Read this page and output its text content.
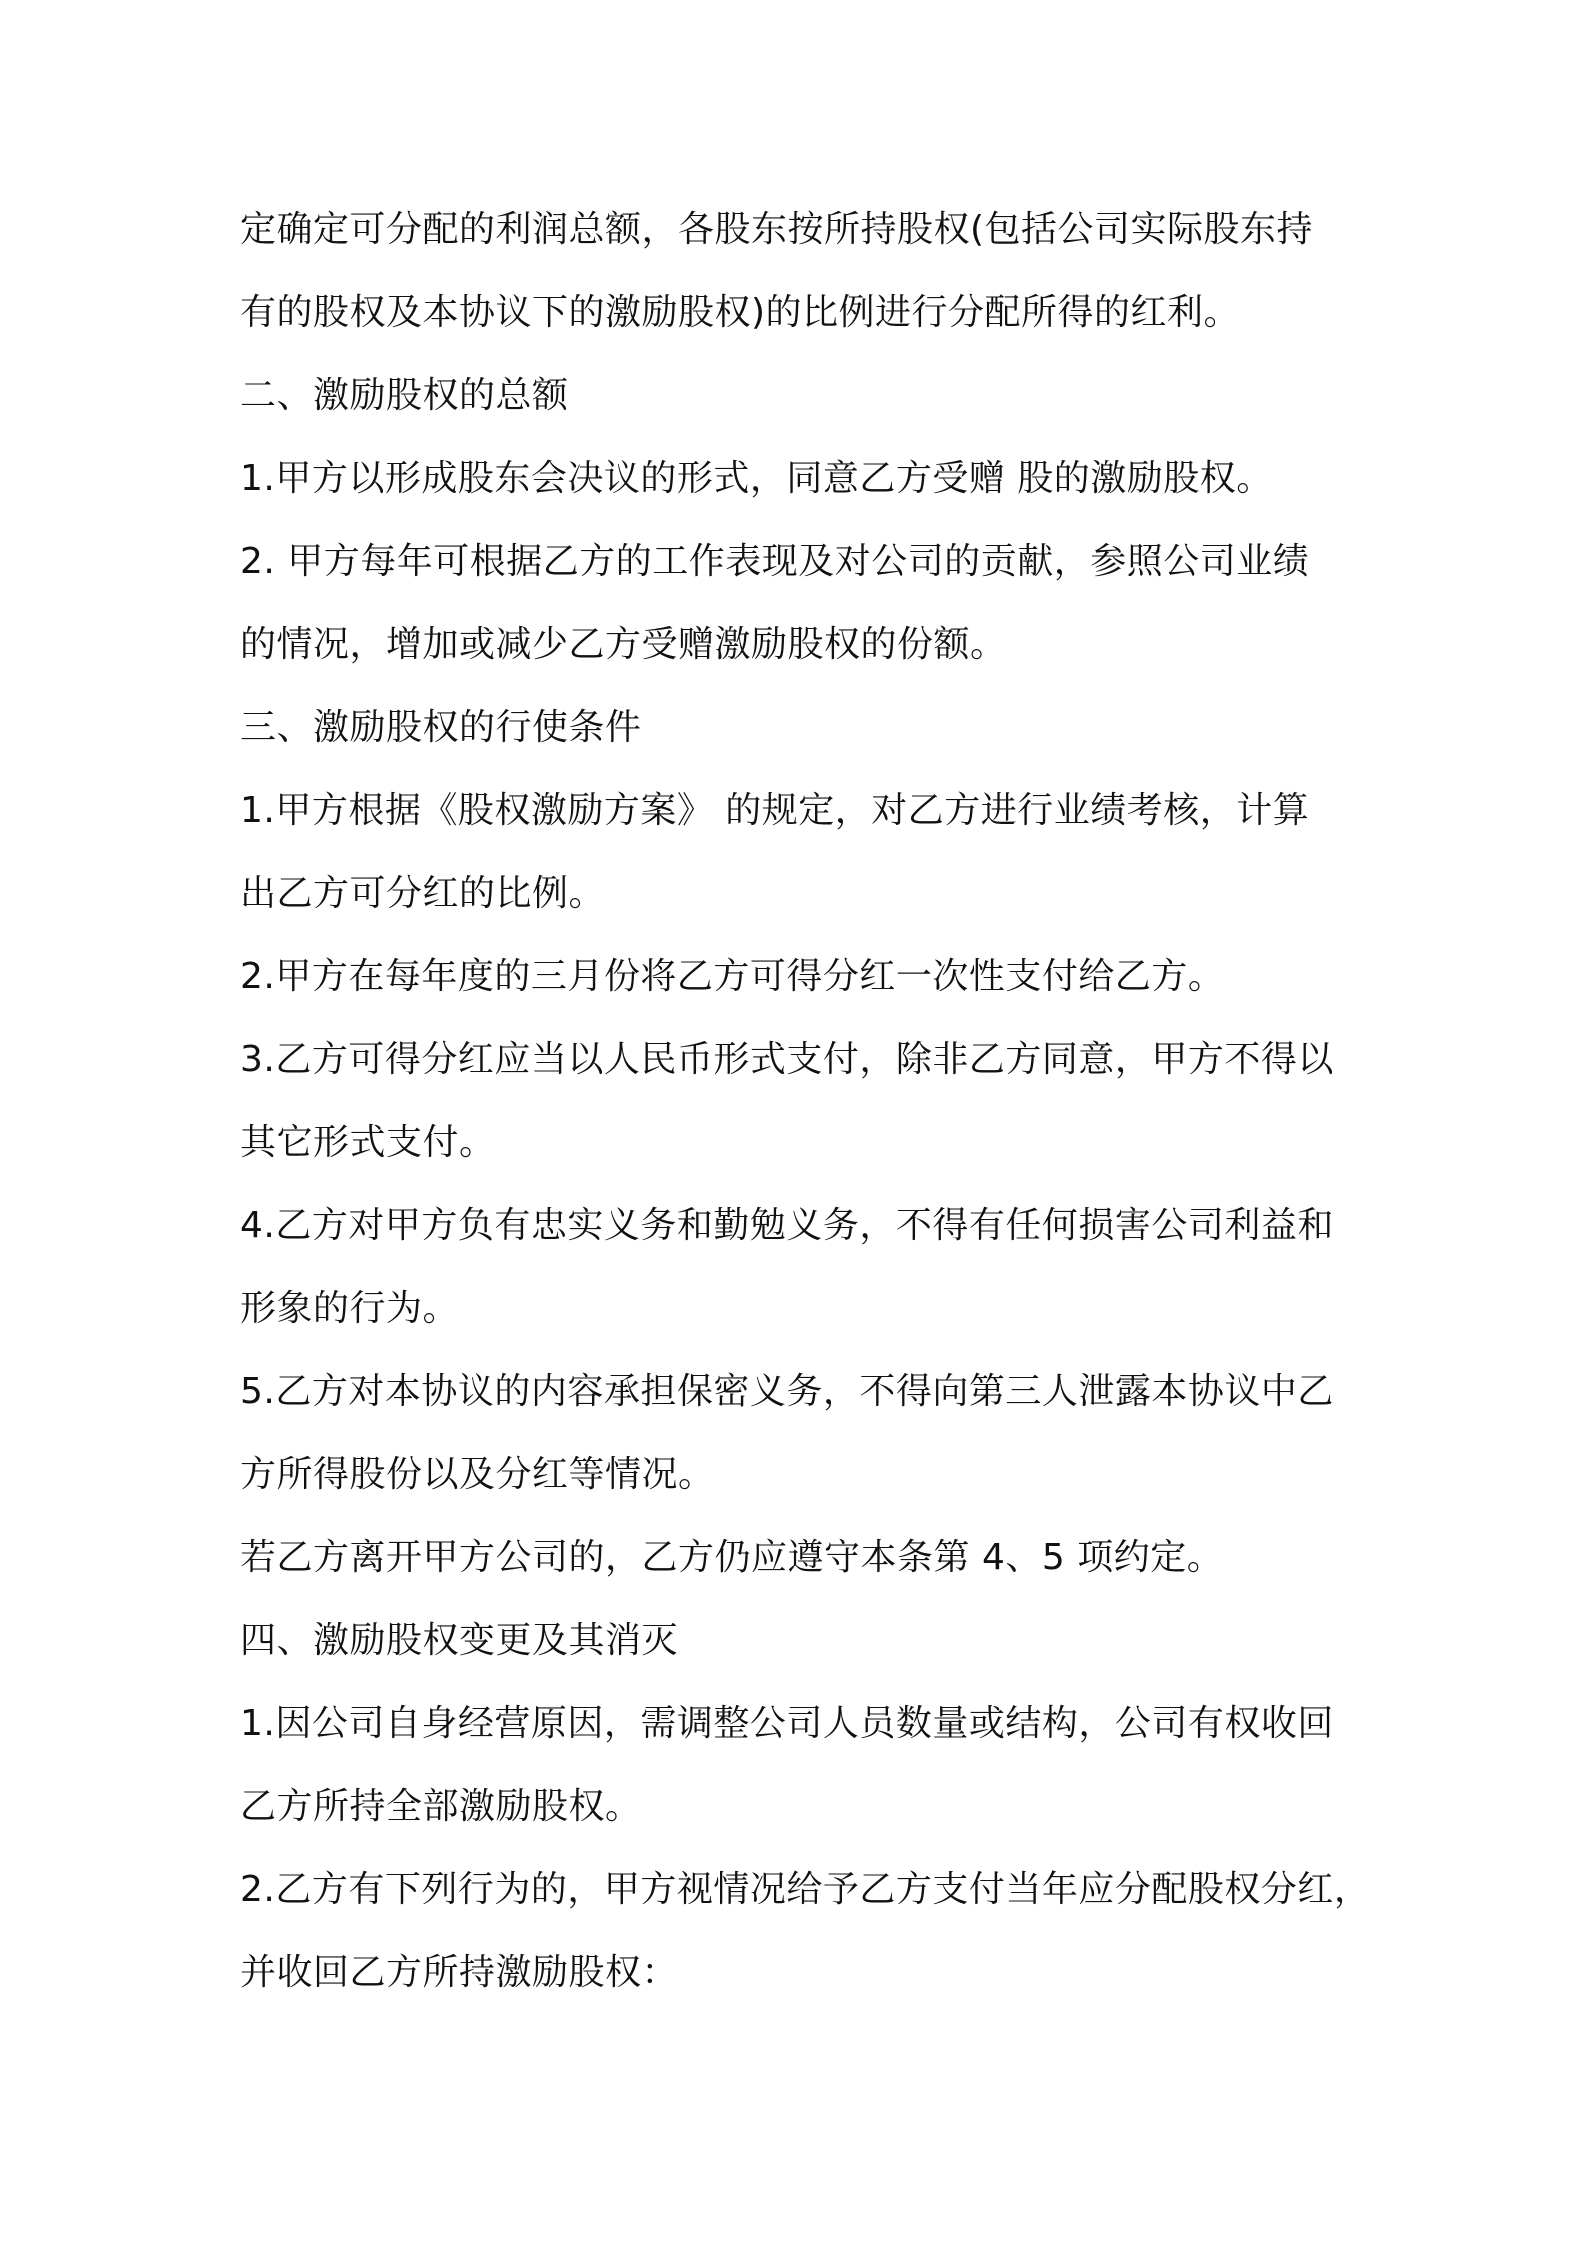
定确定可分配的利润总额，各股东按所持股权(包括公司实际股东持
有的股权及本协议下的激励股权)的比例进行分配所得的红利。
二、激励股权的总额
1.甲方以形成股东会决议的形式，同意乙方受赠 股的激励股权。
2. 甲方每年可根据乙方的工作表现及对公司的贡献，参照公司业绩
的情况，增加或减少乙方受赠激励股权的份额。
三、激励股权的行使条件
1.甲方根据《股权激励方案》 的规定，对乙方进行业绩考核，计算
出乙方可分红的比例。
2.甲方在每年度的三月份将乙方可得分红一次性支付给乙方。
3.乙方可得分红应当以人民币形式支付，除非乙方同意，甲方不得以
其它形式支付。
4.乙方对甲方负有忠实义务和勤勉义务，不得有任何损害公司利益和
形象的行为。
5.乙方对本协议的内容承担保密义务，不得向第三人泄露本协议中乙
方所得股份以及分红等情况。
若乙方离开甲方公司的，乙方仍应遵守本条第 4、5 项约定。
四、激励股权变更及其消灭
1.因公司自身经营原因，需调整公司人员数量或结构，公司有权收回
乙方所持全部激励股权。
2.乙方有下列行为的，甲方视情况给予乙方支付当年应分配股权分红，
并收回乙方所持激励股权：
